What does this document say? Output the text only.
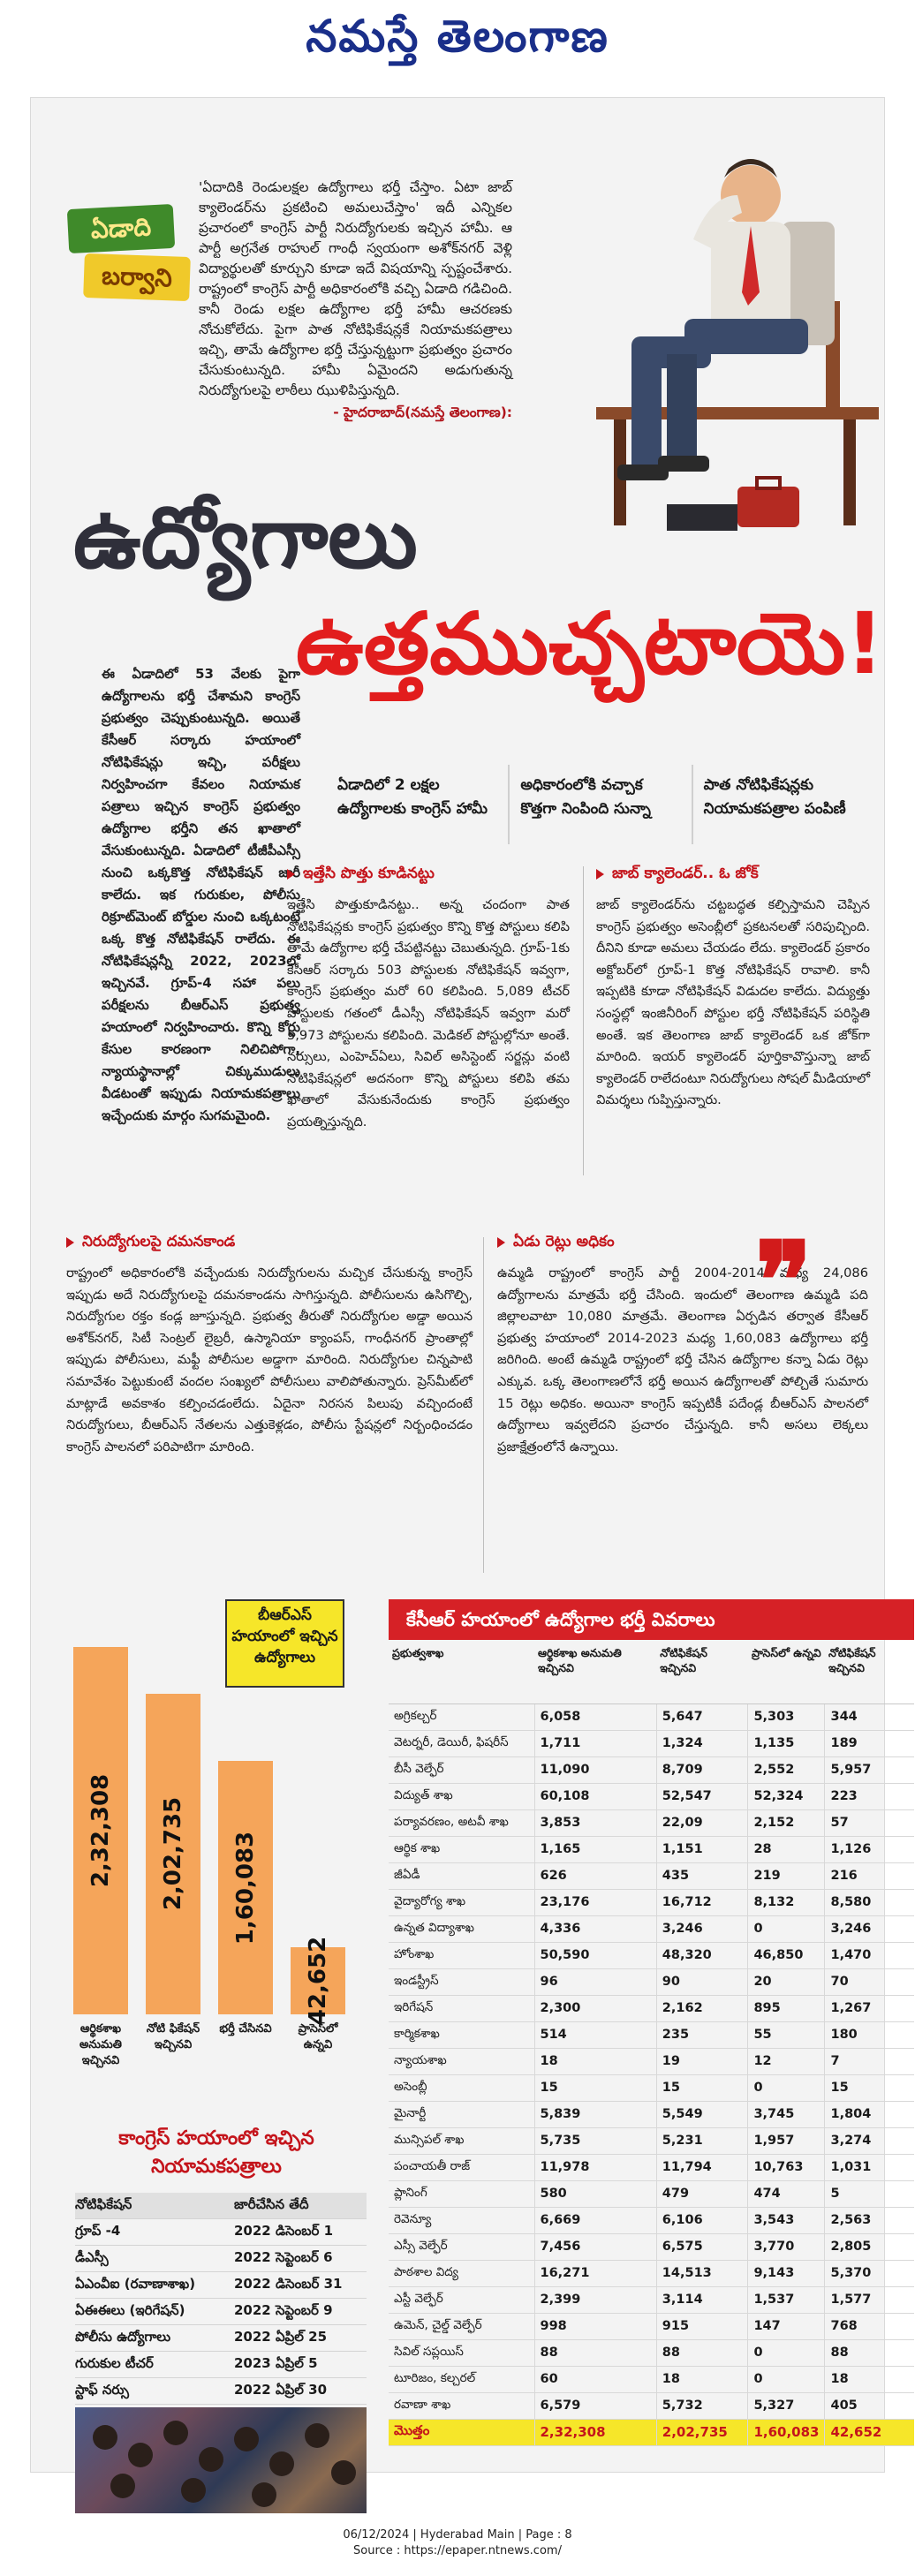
నమస్తే తెలంగాణ
ఏడాది
బర్వాని
'ఏదాదికి రెండులక్షల ఉద్యోగాలు భర్తీ చేస్తాం. ఏటా జాబ్ క్యాలెండర్‌ను ప్రకటించి అమలుచేస్తాం' ఇదీ ఎన్నికల ప్రచారంలో కాంగ్రెస్ పార్టీ నిరుద్యోగులకు ఇచ్చిన హామీ. ఆ పార్టీ అగ్రనేత రాహుల్ గాంధీ స్వయంగా అశోక్‌నగర్ వెళ్లి విద్యార్థులతో కూర్చుని కూడా ఇదే విషయాన్ని స్పష్టంచేశారు. రాష్ట్రంలో కాంగ్రెస్ పార్టీ అధికారంలోకి వచ్చి ఏడాది గడిచింది. కానీ రెండు లక్షల ఉద్యోగాల భర్తీ హామీ ఆచరణకు నోచుకోలేదు. పైగా పాత నోటిఫికేషన్లకే నియామకపత్రాలు ఇచ్చి, తామే ఉద్యోగాల భర్తీ చేస్తున్నట్టుగా ప్రభుత్వం ప్రచారం చేసుకుంటున్నది. హామీ ఏమైందని అడుగుతున్న నిరుద్యోగులపై లాఠీలు ఝుళిపిస్తున్నది.
- హైదరాబాద్(నమస్తే తెలంగాణ):
ఉద్యోగాలు
ఉత్తముచ్చటాయె!
ఈ ఏడాదిలో 53 వేలకు పైగా ఉద్యోగాలను భర్తీ చేశామని కాంగ్రెస్ ప్రభుత్వం చెప్పుకుంటున్నది. అయితే కేసీఆర్ సర్కారు హయాంలో నోటిఫికేషన్లు ఇచ్చి, పరీక్షలు నిర్వహించగా కేవలం నియామక పత్రాలు ఇచ్చిన కాంగ్రెస్ ప్రభుత్వం ఉద్యోగాల భర్తీని తన ఖాతాలో వేసుకుంటున్నది. ఏడాదిలో టీజీపీఎస్సీ నుంచి ఒక్కకొత్త నోటిఫికేషన్ జారీ కాలేదు. ఇక గురుకుల, పోలీసు రిక్రూట్‌మెంట్ బోర్డుల నుంచి ఒక్కటంటే ఒక్క కొత్త నోటిఫికేషన్ రాలేదు. ఈ నోటిఫికేషన్లన్నీ 2022, 2023లో ఇచ్చినవే. గ్రూప్-4 సహా పలు పరీక్షలను బీఆర్‌ఎస్ ప్రభుత్వ హయాంలో నిర్వహించారు. కొన్ని కోర్టు కేసుల కారణంగా నిలిచిపోగా, న్యాయస్థానాల్లో చిక్కుముడులు వీడటంతో ఇప్పుడు నియామకపత్రాలు ఇచ్చేందుకు మార్గం సుగమమైంది.
ఏడాదిలో 2 లక్షల ఉద్యోగాలకు కాంగ్రెస్ హామీ
అధికారంలోకి వచ్చాక కొత్తగా నింపింది సున్నా
పాత నోటిఫికేషన్లకు నియామకపత్రాల పంపిణీ
ఇత్తేసి పొత్తు కూడినట్టు

ఇత్తేసి పొత్తుకూడినట్టు.. అన్న చందంగా పాత నోటిఫికేషన్లకు కాంగ్రెస్ ప్రభుత్వం కొన్ని కొత్త పోస్టులు కలిపి తామే ఉద్యోగాల భర్తీ చేపట్టినట్టు చెబుతున్నది. గ్రూప్-1కు కేసీఆర్ సర్కారు 503 పోస్టులకు నోటిఫికేషన్ ఇవ్వగా, కాంగ్రెస్ ప్రభుత్వం మరో 60 కలిపింది. 5,089 టీచర్ పోస్టులకు గతంలో డీఎస్సీ నోటిఫికేషన్ ఇవ్వగా మరో 5,973 పోస్టులను కలిపింది. మెడికల్ పోస్టుల్లోనూ అంతే. నర్సులు, ఎంహెచ్‌ఏలు, సివిల్ అసిస్టెంట్ సర్జన్లు వంటి నోటిఫికేషన్లలో అదనంగా కొన్ని పోస్టులు కలిపి తమ ఖాతాలో వేసుకునేందుకు కాంగ్రెస్ ప్రభుత్వం ప్రయత్నిస్తున్నది.

జాబ్ క్యాలెండర్.. ఓ జోక్

జాబ్ క్యాలెండర్‌ను చట్టబద్ధత కల్పిస్తామని చెప్పిన కాంగ్రెస్ ప్రభుత్వం అసెంబ్లీలో ప్రకటనలతో సరిపుచ్చింది. దీనిని కూడా అమలు చేయడం లేదు. క్యాలెండర్ ప్రకారం అక్టోబర్‌లో గ్రూప్-1 కొత్త నోటిఫికేషన్ రావాలి. కానీ ఇప్పటికి కూడా నోటిఫికేషన్ విడుదల కాలేదు. విద్యుత్తు సంస్థల్లో ఇంజినీరింగ్ పోస్టుల భర్తీ నోటిఫికేషన్ పరిస్థితి అంతే. ఇక తెలంగాణ జాబ్ క్యాలెండర్ ఒక జోక్‌గా మారింది. ఇయర్ క్యాలెండర్ పూర్తికావొస్తున్నా జాబ్ క్యాలెండర్ రాలేదంటూ నిరుద్యోగులు సోషల్ మీడియాలో విమర్శలు గుప్పిస్తున్నారు.

నిరుద్యోగులపై దమనకాండ

రాష్ట్రంలో అధికారంలోకి వచ్చేందుకు నిరుద్యోగులను మచ్చిక చేసుకున్న కాంగ్రెస్ ఇప్పుడు అదే నిరుద్యోగులపై దమనకాండను సాగిస్తున్నది. పోలీసులను ఉసిగొల్పి, నిరుద్యోగుల రక్తం కండ్ల జూస్తున్నది. ప్రభుత్వ తీరుతో నిరుద్యోగుల అడ్డా అయిన అశోక్‌నగర్, సిటీ సెంట్రల్ లైబ్రరీ, ఉస్మానియా క్యాంపస్, గాంధీనగర్ ప్రాంతాల్లో ఇప్పుడు పోలీసులు, మఫ్టీ పోలీసుల అడ్డాగా మారింది. నిరుద్యోగుల చిన్నపాటి సమావేశం పెట్టుకుంటే వందల సంఖ్యలో పోలీసులు వాలిపోతున్నారు. ప్రెస్‌మీట్‌లో మాట్లాడే అవకాశం కల్పించడంలేదు. ఏదైనా నిరసన పిలుపు వచ్చిందంటే నిరుద్యోగులు, బీఆర్‌ఎస్ నేతలను ఎత్తుకెళ్లడం, పోలీసు స్టేషన్లలో నిర్బంధించడం కాంగ్రెస్ పాలనలో పరిపాటిగా మారింది.

ఏడు రెట్లు అధికం

ఉమ్మడి రాష్ట్రంలో కాంగ్రెస్ పార్టీ 2004-2014 మధ్య 24,086 ఉద్యోగాలను మాత్రమే భర్తీ చేసింది. ఇందులో తెలంగాణ ఉమ్మడి పది జిల్లాలవాటా 10,080 మాత్రమే. తెలంగాణ ఏర్పడిన తర్వాత కేసీఆర్ ప్రభుత్వ హయాంలో 2014-2023 మధ్య 1,60,083 ఉద్యోగాలు భర్తీ జరిగింది. అంటే ఉమ్మడి రాష్ట్రంలో భర్తీ చేసిన ఉద్యోగాల కన్నా ఏడు రెట్లు ఎక్కువ. ఒక్క తెలంగాణలోనే భర్తీ అయిన ఉద్యోగాలతో పోల్చితే సుమారు 15 రెట్లు అధికం. అయినా కాంగ్రెస్ ఇప్పటికీ పదేండ్ల బీఆర్‌ఎస్ పాలనలో ఉద్యోగాలు ఇవ్వలేదని ప్రచారం చేస్తున్నది. కానీ అసలు లెక్కలు ప్రజాక్షేత్రంలోనే ఉన్నాయి.

❞
బీఆర్‌ఎస్ హయాంలో ఇచ్చిన ఉద్యోగాలు
2,32,308
ఆర్థికశాఖ అనుమతి ఇచ్చినవి
2,02,735
నోటి ఫికేషన్ ఇచ్చినవి
1,60,083
భర్తీ చేసినవి
42,652
ప్రాసెస్‌లో ఉన్నవి
కాంగ్రెస్ హయాంలో ఇచ్చిన నియామకపత్రాలు
నోటిఫికేషన్	జారీచేసిన తేదీ
గ్రూప్ -4	2022 డిసెంబర్ 1
డీఎస్సీ	2022 సెప్టెంబర్ 6
ఏఎంవీఐ (రవాణాశాఖ)	2022 డిసెంబర్ 31
ఏఈఈలు (ఇరిగేషన్)	2022 సెప్టెంబర్ 9
పోలీసు ఉద్యోగాలు	2022 ఏప్రిల్ 25
గురుకుల టీచర్	2023 ఏప్రిల్ 5
స్టాఫ్ నర్సు	2022 ఏప్రిల్ 30
కేసీఆర్ హయాంలో ఉద్యోగాల భర్తీ వివరాలు
ప్రభుత్వశాఖ	ఆర్థికశాఖ అనుమతి ఇచ్చినవి	నోటిఫికేషన్ ఇచ్చినవి	ప్రాసెస్‌లో ఉన్నవి	నోటిఫికేషన్ ఇచ్చినవి
అగ్రికల్చర్	6,058	5,647	5,303	344
వెటర్నరీ, డెయిరీ, ఫిషరీస్	1,711	1,324	1,135	189
బీసీ వెల్ఫేర్	11,090	8,709	2,552	5,957
విద్యుత్ శాఖ	60,108	52,547	52,324	223
పర్యావరణం, అటవీ శాఖ	3,853	22,09	2,152	57
ఆర్థిక శాఖ	1,165	1,151	28	1,126
జీఏడీ	626	435	219	216
వైద్యారోగ్య శాఖ	23,176	16,712	8,132	8,580
ఉన్నత విద్యాశాఖ	4,336	3,246	0	3,246
హోంశాఖ	50,590	48,320	46,850	1,470
ఇండస్ట్రీస్	96	90	20	70
ఇరిగేషన్	2,300	2,162	895	1,267
కార్మికశాఖ	514	235	55	180
న్యాయశాఖ	18	19	12	7
అసెంబ్లీ	15	15	0	15
మైనార్టీ	5,839	5,549	3,745	1,804
మున్సిపల్ శాఖ	5,735	5,231	1,957	3,274
పంచాయతీ రాజ్	11,978	11,794	10,763	1,031
ప్లానింగ్	580	479	474	5
రెవెన్యూ	6,669	6,106	3,543	2,563
ఎస్సీ వెల్ఫేర్	7,456	6,575	3,770	2,805
పాఠశాల విద్య	16,271	14,513	9,143	5,370
ఎస్టీ వెల్ఫేర్	2,399	3,114	1,537	1,577
ఉమెన్, చైల్డ్ వెల్ఫేర్	998	915	147	768
సివిల్ సప్లయిస్	88	88	0	88
టూరిజం, కల్చరల్	60	18	0	18
రవాణా శాఖ	6,579	5,732	5,327	405
మొత్తం	2,32,308	2,02,735	1,60,083	42,652
06/12/2024 | Hyderabad Main | Page : 8
Source : https://epaper.ntnews.com/
